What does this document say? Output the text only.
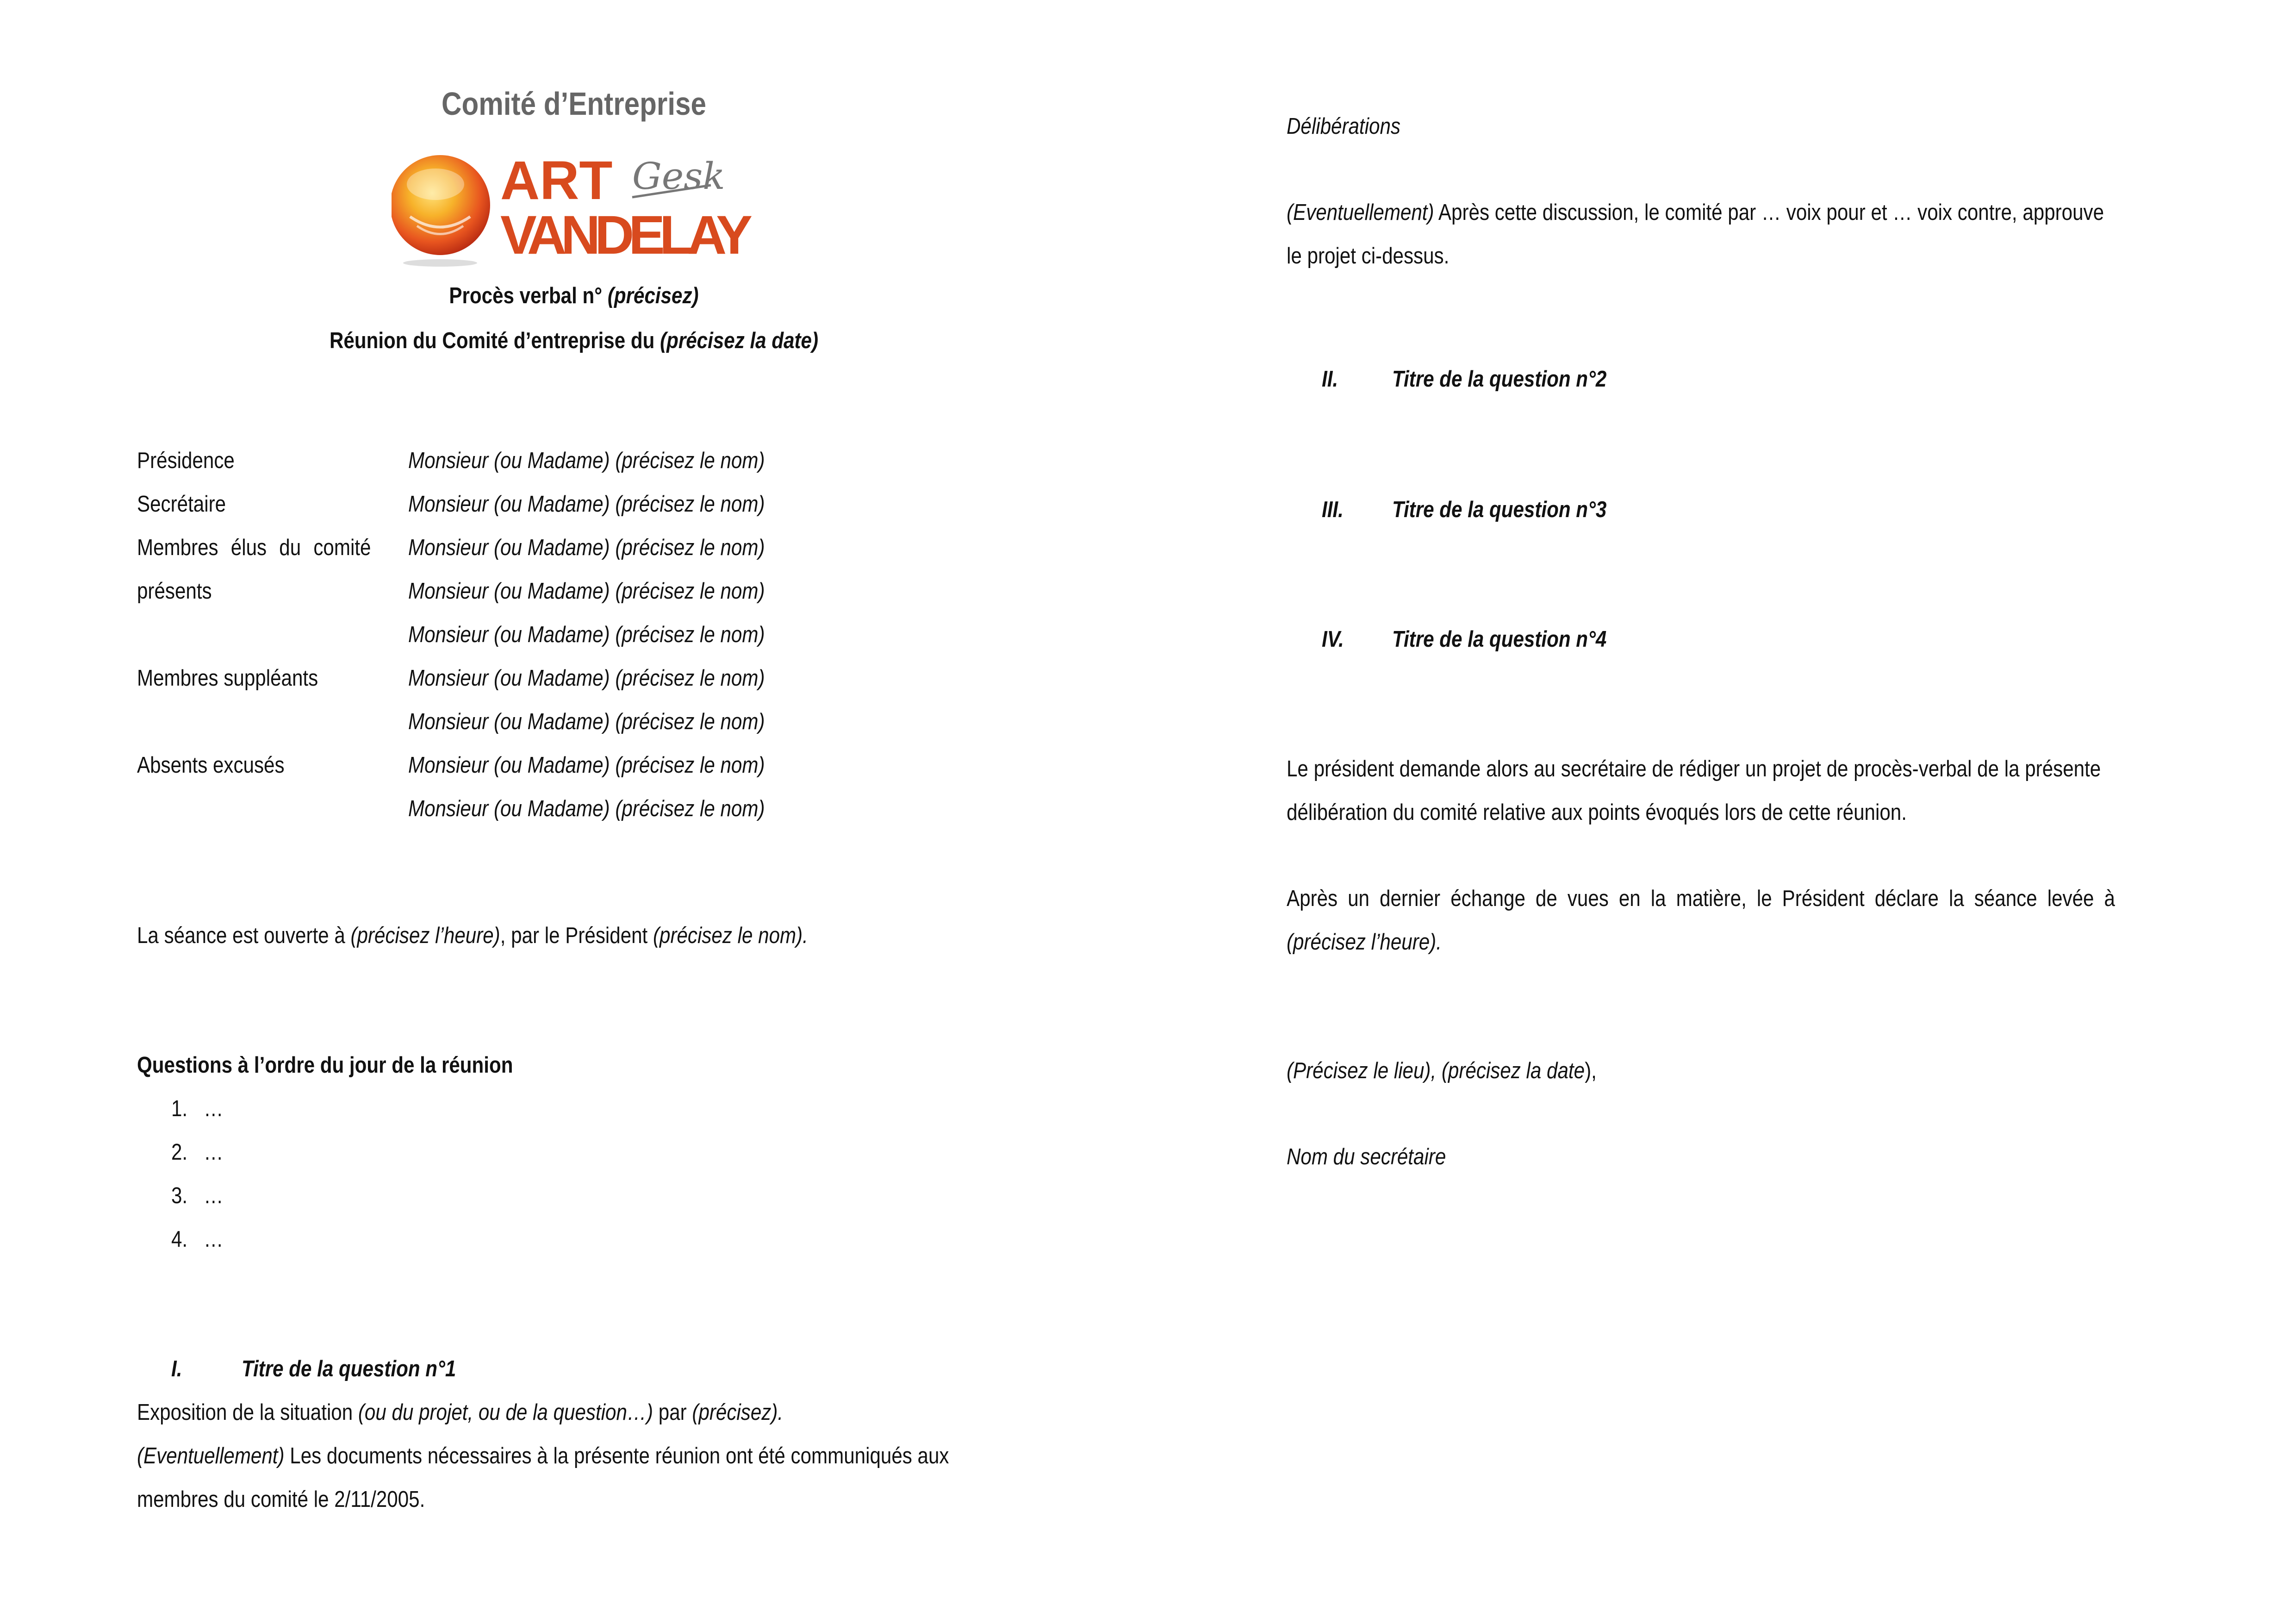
Comité d’Entreprise
ART
VANDELAY
Gesk
Procès verbal n° (précisez)
Réunion du Comité d’entreprise du (précisez la date)
Présidence
Secrétaire
Membres élus du comité
présents
Membres suppléants
Absents excusés
Monsieur (ou Madame) (précisez le nom)
Monsieur (ou Madame) (précisez le nom)
Monsieur (ou Madame) (précisez le nom)
Monsieur (ou Madame) (précisez le nom)
Monsieur (ou Madame) (précisez le nom)
Monsieur (ou Madame) (précisez le nom)
Monsieur (ou Madame) (précisez le nom)
Monsieur (ou Madame) (précisez le nom)
Monsieur (ou Madame) (précisez le nom)
La séance est ouverte à (précisez l’heure), par le Président (précisez le nom).
Questions à l’ordre du jour de la réunion
1. …
2. …
3. …
4. …
I.	Titre de la question n°1
Exposition de la situation (ou du projet, ou de la question…) par (précisez).
(Eventuellement) Les documents nécessaires à la présente réunion ont été communiqués aux
membres du comité le 2/11/2005.
Délibérations
(Eventuellement) Après cette discussion, le comité par … voix pour et … voix contre, approuve
le projet ci-dessus.
II. Titre de la question n°2
III. Titre de la question n°3
IV. Titre de la question n°4
Le président demande alors au secrétaire de rédiger un projet de procès-verbal de la présente
délibération du comité relative aux points évoqués lors de cette réunion.
Après un dernier échange de vues en la matière, le Président déclare la séance levée à
(précisez l’heure).
(Précisez le lieu), (précisez la date),
Nom du secrétaire
